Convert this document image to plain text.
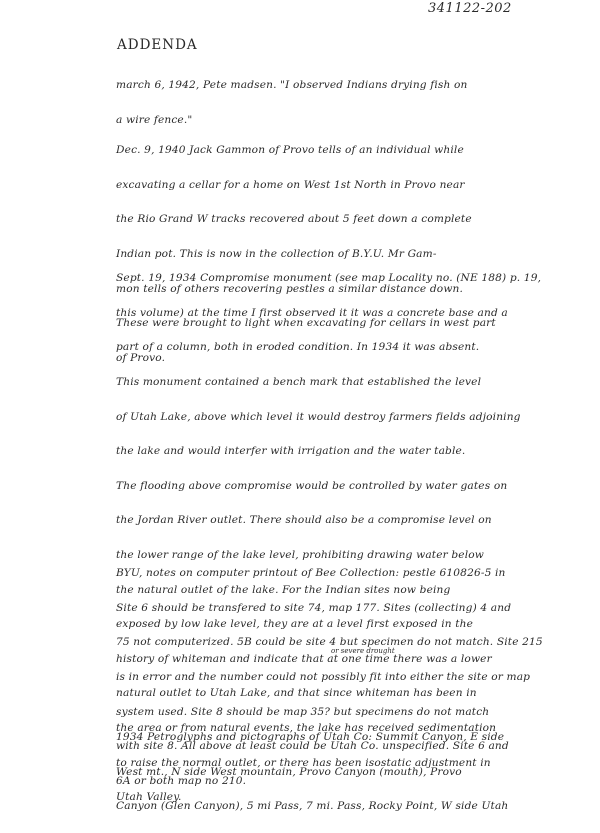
341122-202
ADDENDA

march 6, 1942, Pete madsen. "I observed Indians drying fish on

a wire fence."

Dec. 9, 1940 Jack Gammon of Provo tells of an individual while

excavating a cellar for a home on West 1st North in Provo near

the Rio Grand W tracks recovered about 5 feet down a complete

Indian pot. This is now in the collection of B.Y.U. Mr Gam-

mon tells of others recovering pestles a similar distance down.

These were brought to light when excavating for cellars in west part

of Provo.

Sept. 19, 1934 Compromise monument (see map Locality no. (NE 188) p. 19,

this volume) at the time I first observed it it was a concrete base and a

part of a column, both in eroded condition. In 1934 it was absent.

This monument contained a bench mark that established the level

of Utah Lake, above which level it would destroy farmers fields adjoining

the lake and would interfer with irrigation and the water table.

The flooding above compromise would be controlled by water gates on

the Jordan River outlet. There should also be a compromise level on

the lower range of the lake level, prohibiting drawing water below

the natural outlet of the lake. For the Indian sites now being

exposed by low lake level, they are at a level first exposed in the

history of whiteman and indicate that at one time there was a lower
or severe drought

natural outlet to Utah Lake, and that since whiteman has been in

the area or from natural events, the lake has received sedimentation

to raise the normal outlet, or there has been isostatic adjustment in

Utah Valley.

BYU, notes on computer printout of Bee Collection: pestle 610826-5 in

Site 6 should be transfered to site 74, map 177. Sites (collecting) 4 and

75 not computerized. 5B could be site 4 but specimen do not match. Site 215

is in error and the number could not possibly fit into either the site or map

system used. Site 8 should be map 35? but specimens do not match

with site 8. All above at least could be Utah Co. unspecified. Site 6 and

6A or both map no 210.

1934 Petroglyphs and pictographs of Utah Co: Summit Canyon, E side

West mt., N side West mountain, Provo Canyon (mouth), Provo

Canyon (Glen Canyon), 5 mi Pass, 7 mi. Pass, Rocky Point, W side Utah
